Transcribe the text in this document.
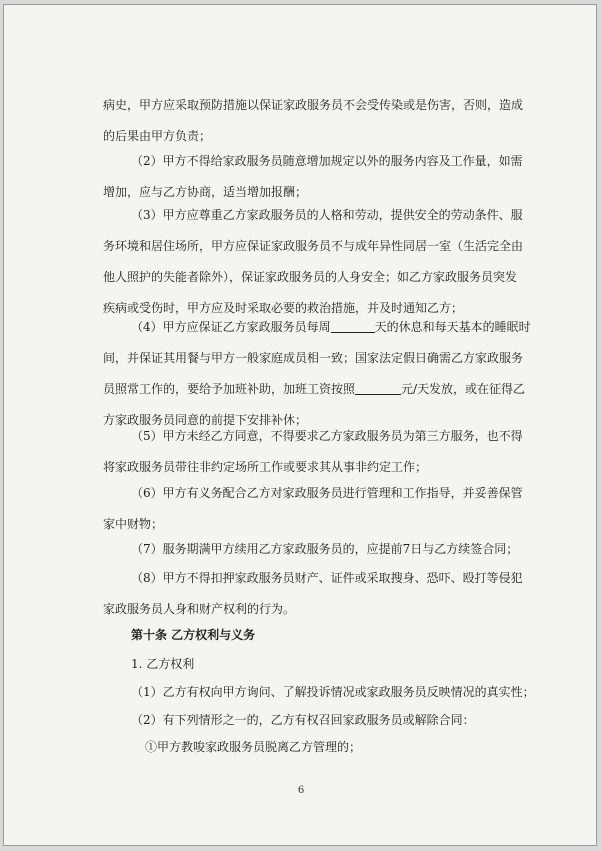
病史，甲方应采取预防措施以保证家政服务员不会受传染或是伤害，否则，造成
的后果由甲方负责；

（2）甲方不得给家政服务员随意增加规定以外的服务内容及工作量，如需
增加，应与乙方协商，适当增加报酬；

（3）甲方应尊重乙方家政服务员的人格和劳动，提供安全的劳动条件、服
务环境和居住场所，甲方应保证家政服务员不与成年异性同居一室（生活完全由
他人照护的失能者除外），保证家政服务员的人身安全；如乙方家政服务员突发
疾病或受伤时，甲方应及时采取必要的救治措施，并及时通知乙方；

（4）甲方应保证乙方家政服务员每周	天的休息和每天基本的睡眠时
间，并保证其用餐与甲方一般家庭成员相一致；国家法定假日确需乙方家政服务
员照常工作的，要给予加班补助，加班工资按照	元/天发放，或在征得乙
方家政服务员同意的前提下安排补休；

（5）甲方未经乙方同意，不得要求乙方家政服务员为第三方服务，也不得
将家政服务员带往非约定场所工作或要求其从事非约定工作；

（6）甲方有义务配合乙方对家政服务员进行管理和工作指导，并妥善保管
家中财物；

（7）服务期满甲方续用乙方家政服务员的，应提前7日与乙方续签合同；

（8）甲方不得扣押家政服务员财产、证件或采取搜身、恐吓、殴打等侵犯
家政服务员人身和财产权利的行为。

第十条 乙方权利与义务

1. 乙方权利

（1）乙方有权向甲方询问、了解投诉情况或家政服务员反映情况的真实性；

（2）有下列情形之一的，乙方有权召回家政服务员或解除合同：

①甲方教唆家政服务员脱离乙方管理的；

6
